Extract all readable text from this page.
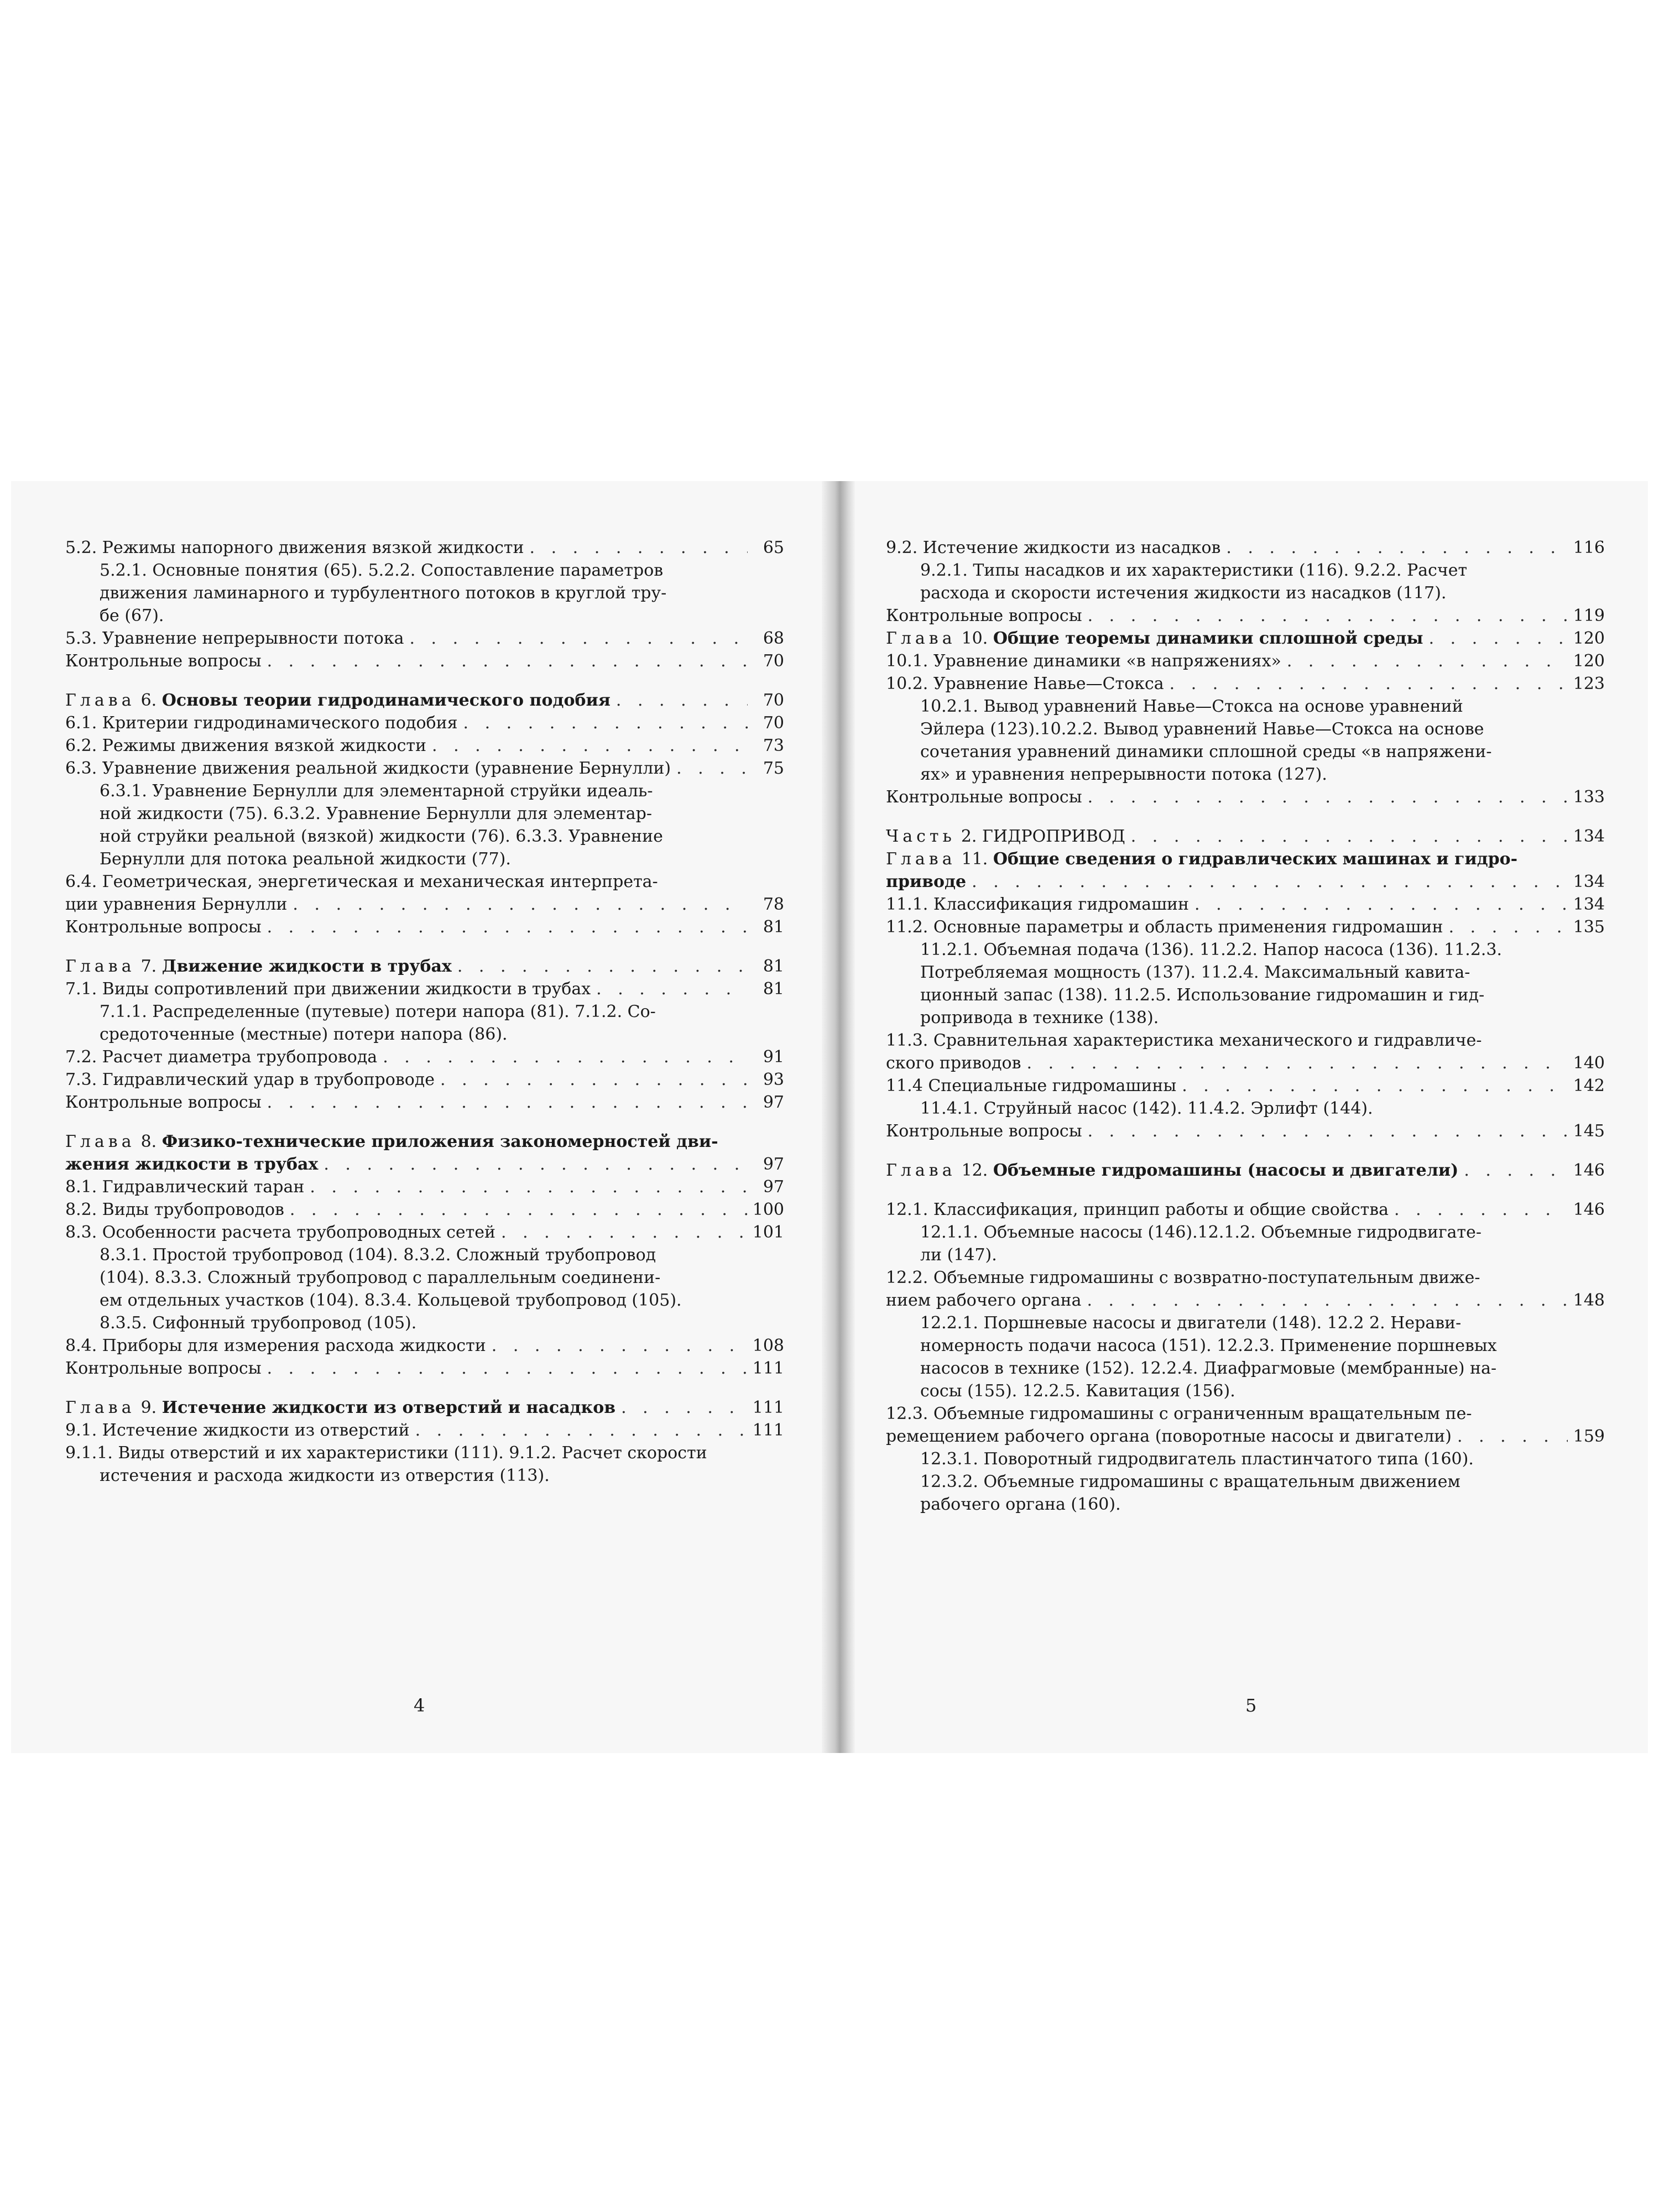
5.2. Режимы напорного движения вязкой жидкости . . .	65
5.2.1. Основные понятия (65). 5.2.2. Сопоставление параметров
движения ламинарного и турбулентного потоков в круглой тру-
бе (67).
5.3. Уравнение непрерывности потока . . .	68
Контрольные вопросы . . .	70
Глава 6. Основы теории гидродинамического подобия . . .	70
6.1. Критерии гидродинамического подобия . . .	70
6.2. Режимы движения вязкой жидкости . . .	73
6.3. Уравнение движения реальной жидкости (уравнение Бернулли) . . .	75
6.3.1. Уравнение Бернулли для элементарной струйки идеаль-
ной жидкости (75). 6.3.2. Уравнение Бернулли для элементар-
ной струйки реальной (вязкой) жидкости (76). 6.3.3. Уравнение
Бернулли для потока реальной жидкости (77).
6.4. Геометрическая, энергетическая и механическая интерпрета-
ции уравнения Бернулли . . .	78
Контрольные вопросы . . .	81
Глава 7. Движение жидкости в трубах . . .	81
7.1. Виды сопротивлений при движении жидкости в трубах . . .	81
7.1.1. Распределенные (путевые) потери напора (81). 7.1.2. Со-
средоточенные (местные) потери напора (86).
7.2. Расчет диаметра трубопровода . . .	91
7.3. Гидравлический удар в трубопроводе . . .	93
Контрольные вопросы . . .	97
Глава 8. Физико-технические приложения закономерностей дви-
жения жидкости в трубах . . .	97
8.1. Гидравлический таран . . .	97
8.2. Виды трубопроводов . . .	100
8.3. Особенности расчета трубопроводных сетей . . .	101
8.3.1. Простой трубопровод (104). 8.3.2. Сложный трубопровод
(104). 8.3.3. Сложный трубопровод с параллельным соединени-
ем отдельных участков (104). 8.3.4. Кольцевой трубопровод (105).
8.3.5. Сифонный трубопровод (105).
8.4. Приборы для измерения расхода жидкости . . .	108
Контрольные вопросы . . .	111
Глава 9. Истечение жидкости из отверстий и насадков . . .	111
9.1. Истечение жидкости из отверстий . . .	111
9.1.1. Виды отверстий и их характеристики (111). 9.1.2. Расчет скорости
истечения и расхода жидкости из отверстия (113).
4
9.2. Истечение жидкости из насадков . . .	116
9.2.1. Типы насадков и их характеристики (116). 9.2.2. Расчет
расхода и скорости истечения жидкости из насадков (117).
Контрольные вопросы . . .	119
Глава 10. Общие теоремы динамики сплошной среды . . .	120
10.1. Уравнение динамики «в напряжениях» . . .	120
10.2. Уравнение Навье—Стокса . . .	123
10.2.1. Вывод уравнений Навье—Стокса на основе уравнений
Эйлера (123).10.2.2. Вывод уравнений Навье—Стокса на основе
сочетания уравнений динамики сплошной среды «в напряжени-
ях» и уравнения непрерывности потока (127).
Контрольные вопросы . . .	133
Часть 2. ГИДРОПРИВОД . . .	134
Глава 11. Общие сведения о гидравлических машинах и гидро-
приводе . . .	134
11.1. Классификация гидромашин . . .	134
11.2. Основные параметры и область применения гидромашин . . .	135
11.2.1. Объемная подача (136). 11.2.2. Напор насоса (136). 11.2.3.
Потребляемая мощность (137). 11.2.4. Максимальный кавита-
ционный запас (138). 11.2.5. Использование гидромашин и гид-
ропривода в технике (138).
11.3. Сравнительная характеристика механического и гидравличе-
ского приводов . . .	140
11.4 Специальные гидромашины . . .	142
11.4.1. Струйный насос (142). 11.4.2. Эрлифт (144).
Контрольные вопросы . . .	145
Глава 12. Объемные гидромашины (насосы и двигатели) . . .	146
12.1. Классификация, принцип работы и общие свойства . . .	146
12.1.1. Объемные насосы (146).12.1.2. Объемные гидродвигате-
ли (147).
12.2. Объемные гидромашины с возвратно-поступательным движе-
нием рабочего органа . . .	148
12.2.1. Поршневые насосы и двигатели (148). 12.2 2. Нерави-
номерность подачи насоса (151). 12.2.3. Применение поршневых
насосов в технике (152). 12.2.4. Диафрагмовые (мембранные) на-
сосы (155). 12.2.5. Кавитация (156).
12.3. Объемные гидромашины с ограниченным вращательным пе-
ремещением рабочего органа (поворотные насосы и двигатели) . . .	159
12.3.1. Поворотный гидродвигатель пластинчатого типа (160).
12.3.2. Объемные гидромашины с вращательным движением
рабочего органа (160).
5
